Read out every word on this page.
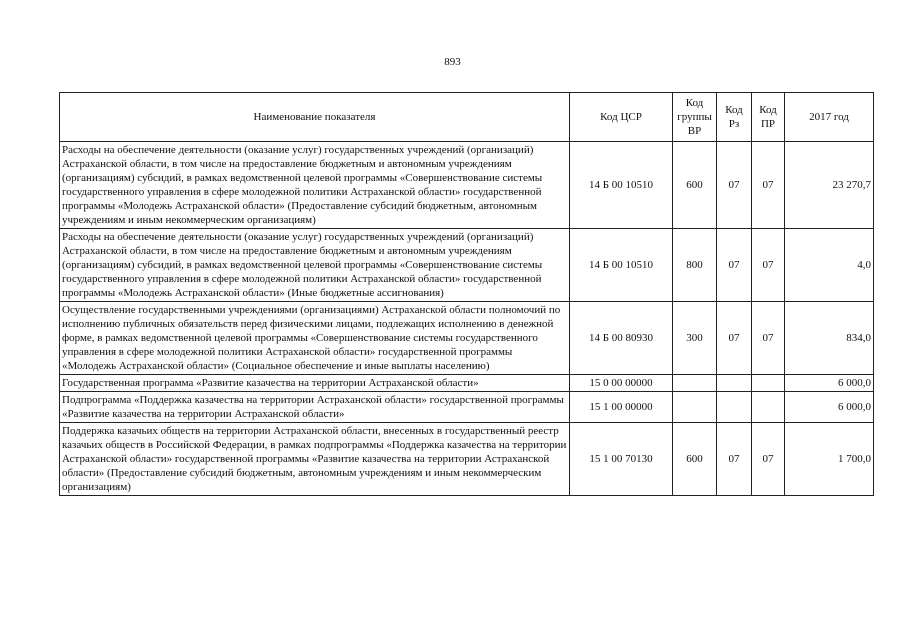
893
Наименование показателя	Код ЦСР	Код группы ВР	Код Рз	Код ПР	2017 год
Расходы на обеспечение деятельности (оказание услуг) государственных учреждений (организаций) Астраханской области, в том числе на предоставление бюджетным и автономным учреждениям (организациям) субсидий, в рамках ведомственной целевой программы «Совершенствование системы государственного управления в сфере молодежной политики Астраханской области» государственной программы «Молодежь Астраханской области» (Предоставление субсидий бюджетным, автономным учреждениям и иным некоммерческим организациям)	14 Б 00 10510	600	07	07	23 270,7
Расходы на обеспечение деятельности (оказание услуг) государственных учреждений (организаций) Астраханской области, в том числе на предоставление бюджетным и автономным учреждениям (организациям) субсидий, в рамках ведомственной целевой программы «Совершенствование системы государственного управления в сфере молодежной политики Астраханской области» государственной программы «Молодежь Астраханской области» (Иные бюджетные ассигнования)	14 Б 00 10510	800	07	07	4,0
Осуществление государственными учреждениями (организациями) Астраханской области полномочий по исполнению публичных обязательств перед физическими лицами, подлежащих исполнению в денежной форме, в рамках ведомственной целевой программы «Совершенствование системы государственного управления в сфере молодежной политики Астраханской области» государственной программы «Молодежь Астраханской области» (Социальное обеспечение и иные выплаты населению)	14 Б 00 80930	300	07	07	834,0
Государственная программа «Развитие казачества на территории Астраханской области»	15 0 00 00000				6 000,0
Подпрограмма «Поддержка казачества на территории Астраханской области» государственной программы «Развитие казачества на территории Астраханской области»	15 1 00 00000				6 000,0
Поддержка казачьих обществ на территории Астраханской области, внесенных в государственный реестр казачьих обществ в Российской Федерации, в рамках подпрограммы «Поддержка казачества на территории Астраханской области» государственной программы «Развитие казачества на территории Астраханской области» (Предоставление субсидий бюджетным, автономным учреждениям и иным некоммерческим организациям)	15 1 00 70130	600	07	07	1 700,0
